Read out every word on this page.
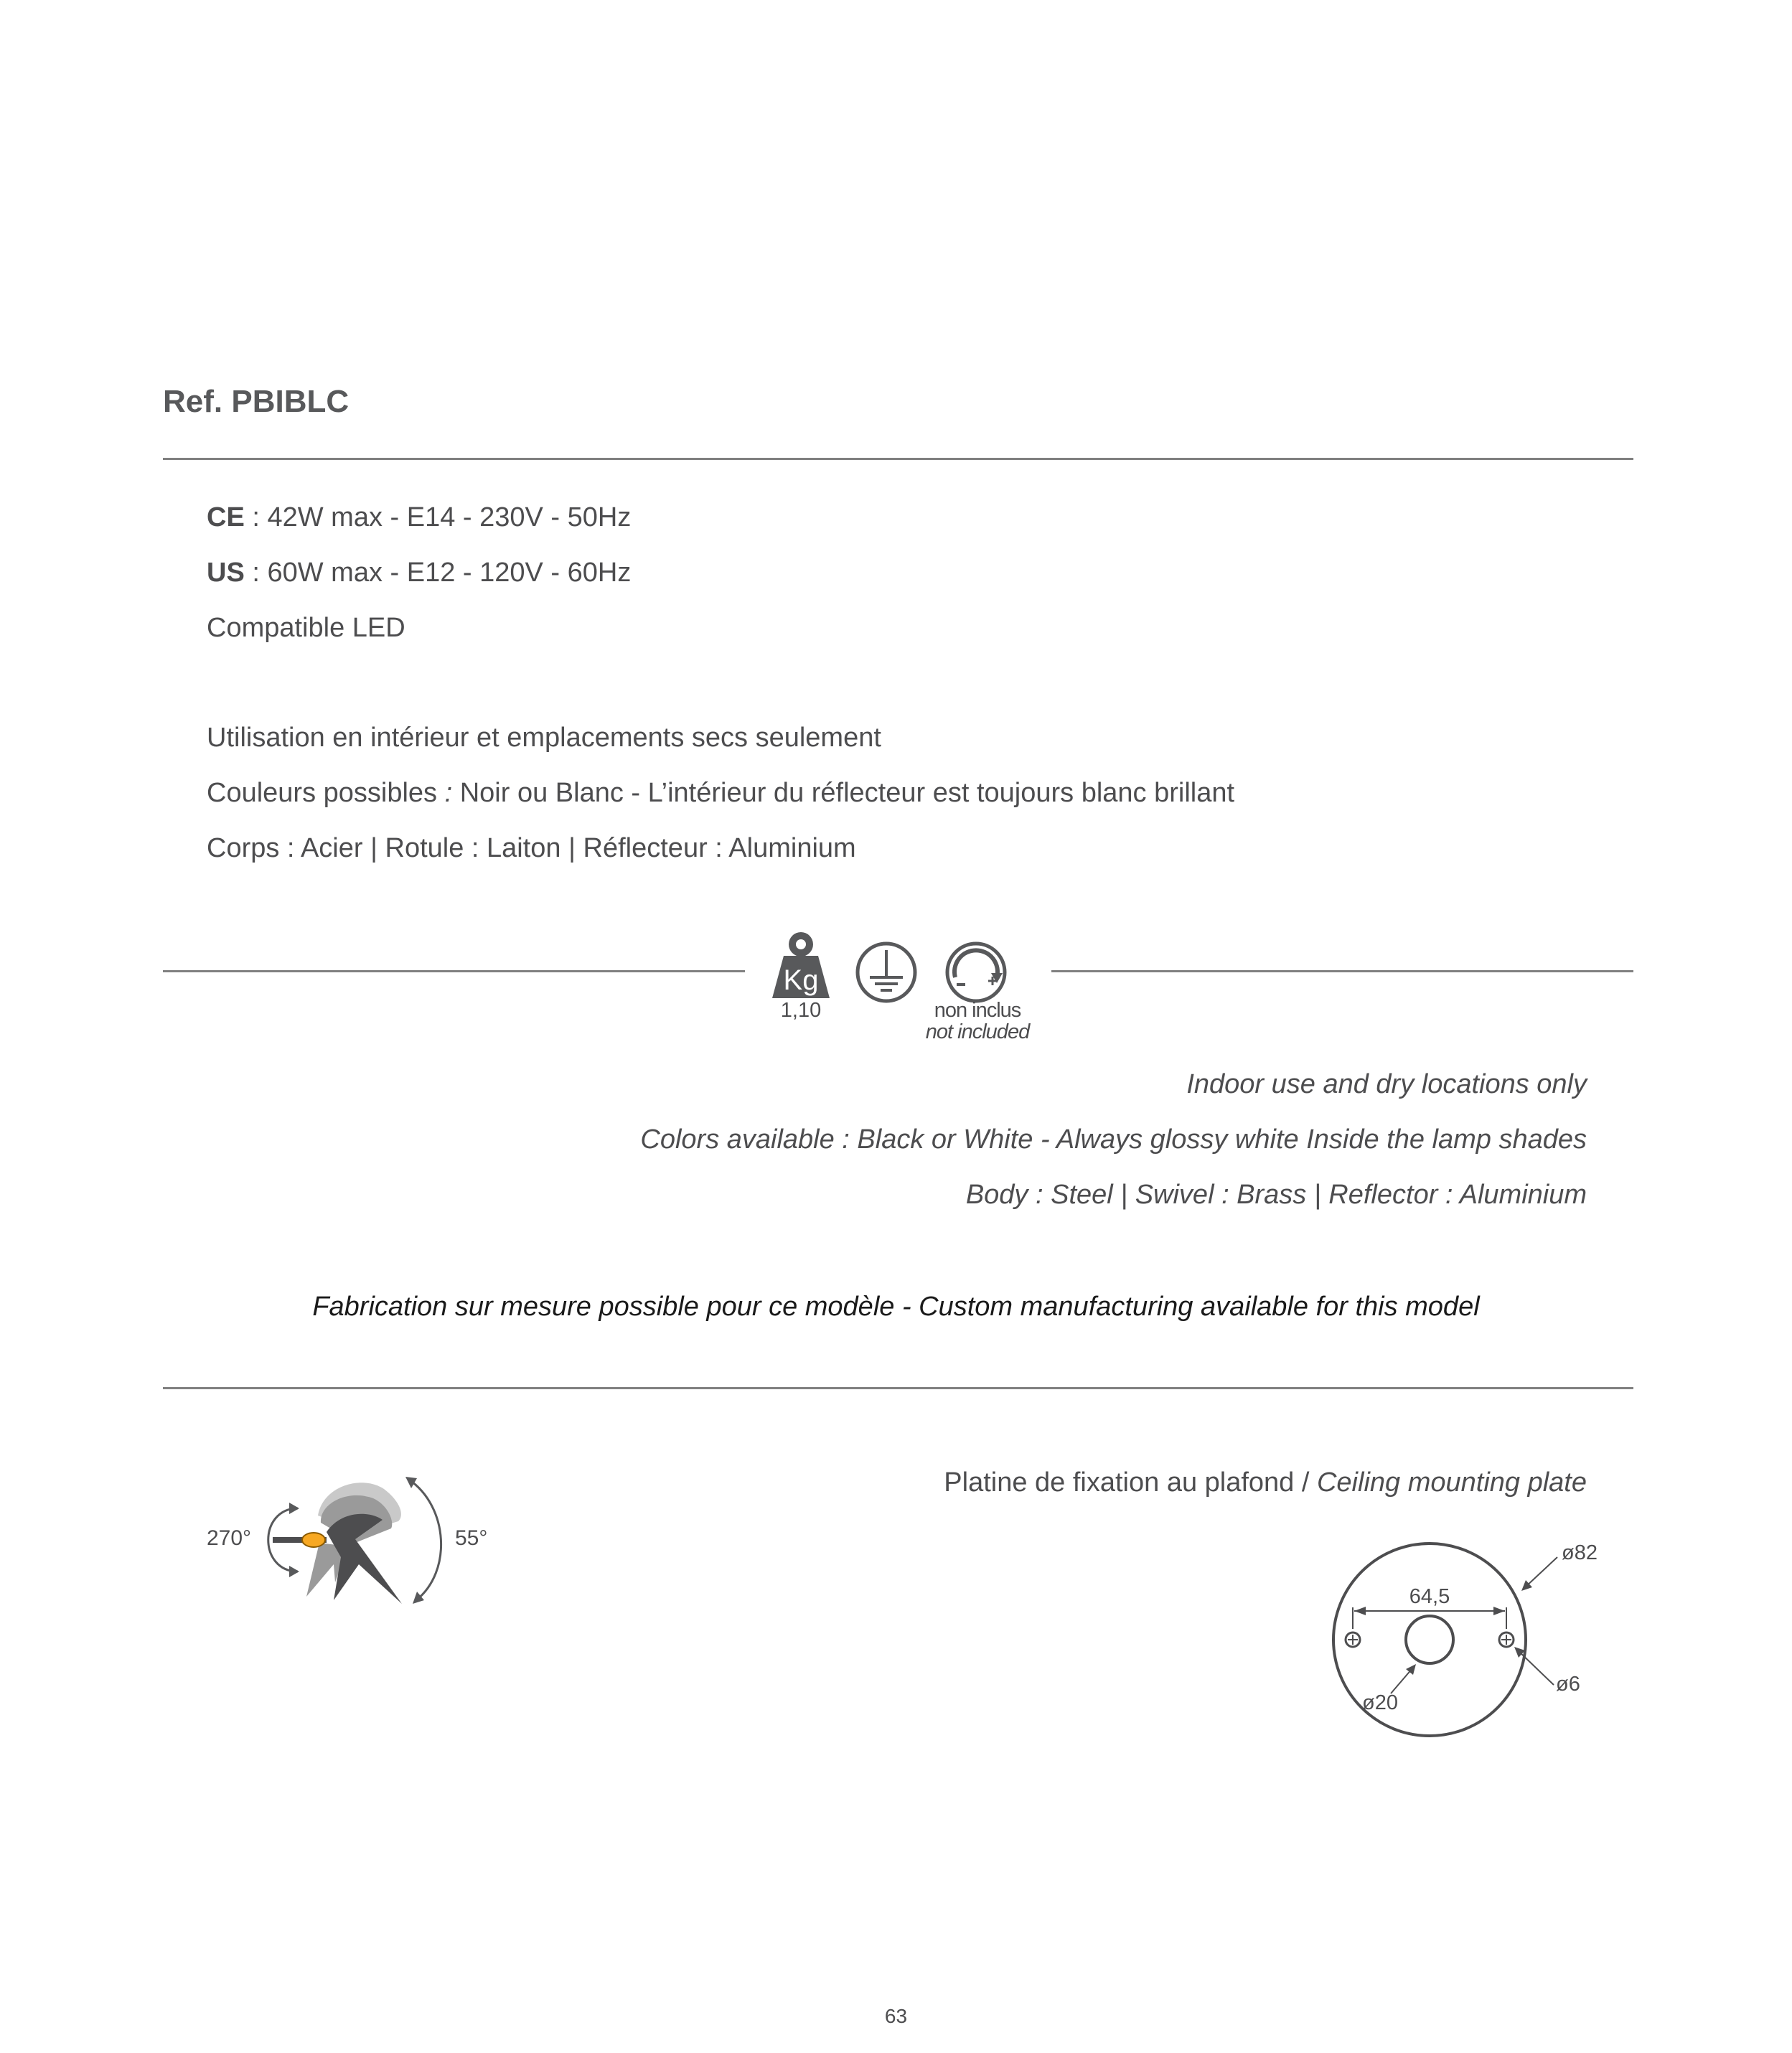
Ref. PBIBLC
CE : 42W max - E14 - 230V - 50Hz
US : 60W max - E12 - 120V - 60Hz
Compatible LED
Utilisation en intérieur et emplacements secs seulement
Couleurs possibles : Noir ou Blanc - L’intérieur du réflecteur est toujours blanc brillant
Corps : Acier | Rotule : Laiton | Réflecteur : Aluminium
Kg
1,10	non inclus
not included
Indoor use and dry locations only
Colors available : Black or White - Always glossy white Inside the lamp shades
Body : Steel | Swivel : Brass | Reflector : Aluminium
Fabrication sur mesure possible pour ce modèle - Custom manufacturing available for this model
270°	55°
Platine de fixation au plafond / Ceiling mounting plate
64,5
ø82
ø6
ø20
63
